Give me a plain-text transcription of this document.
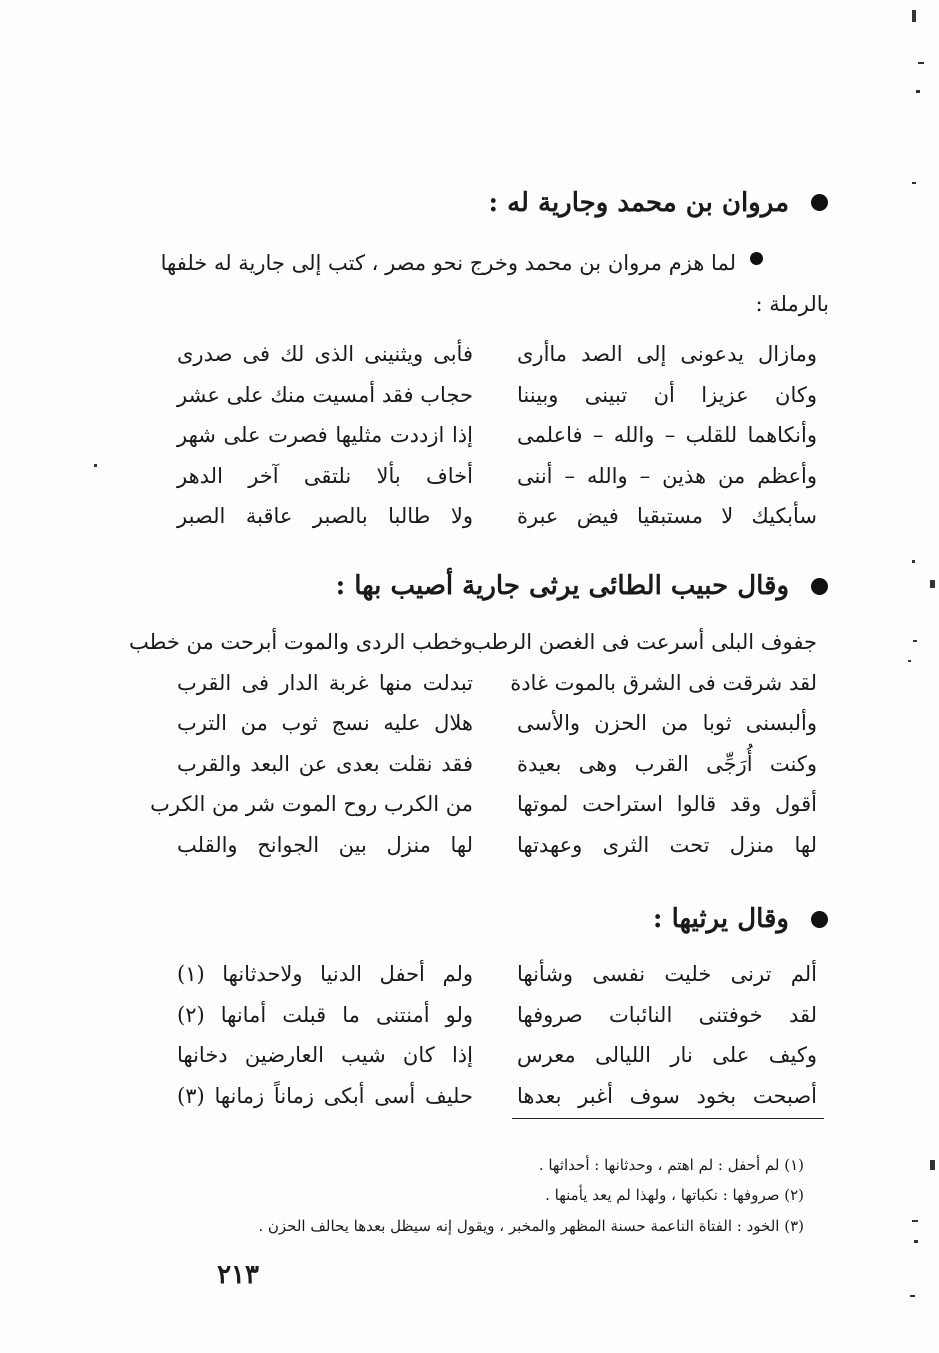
مروان بن محمد وجارية له :
لما هزم مروان بن محمد وخرج نحو مصر ، كتب إلى جارية له خلفها
بالرملة :
ومازال يدعونى إلى الصد ماأرى
وكان عزيزا أن تبينى وبيننا
وأنكاهما للقلب – والله – فاعلمى
وأعظم من هذين – والله – أننى
سأبكيك لا مستبقيا فيض عبرة
فأبى ويثنينى الذى لك فى صدرى
حجاب فقد أمسيت منك على عشر
إذا ازددت مثليها فصرت على شهر
أخاف بألا نلتقى آخر الدهر
ولا طالبا بالصبر عاقبة الصبر
وقال حبيب الطائى يرثى جارية أصيب بها :
جفوف البلى أسرعت فى الغصن الرطب
لقد شرقت فى الشرق بالموت غادة
وألبسنى ثوبا من الحزن والأسى
وكنت أُرَجِّى القرب وهى بعيدة
أقول وقد قالوا استراحت لموتها
لها منزل تحت الثرى وعهدتها
وخطب الردى والموت أبرحت من خطب
تبدلت منها غربة الدار فى القرب
هلال عليه نسج ثوب من الترب
فقد نقلت بعدى عن البعد والقرب
من الكرب روح الموت شر من الكرب
لها منزل بين الجوانح والقلب
وقال يرثيها :
ألم ترنى خليت نفسى وشأنها
لقد خوفتنى النائبات صروفها
وكيف على نار الليالى معرس
أصبحت بخود سوف أغبر بعدها
ولم أحفل الدنيا ولاحدثانها (١)
ولو أمنتنى ما قبلت أمانها (٢)
إذا كان شيب العارضين دخانها
حليف أسى أبكى زماناً زمانها (٣)
(١) لم أحفل : لم اهتم ، وحدثانها : أحداثها .
(٢) صروفها : نكباتها ، ولهذا لم يعد يأمنها .
(٣) الخود : الفتاة الناعمة حسنة المظهر والمخبر ، ويقول إنه سيظل بعدها يحالف الحزن .
٢١٣
